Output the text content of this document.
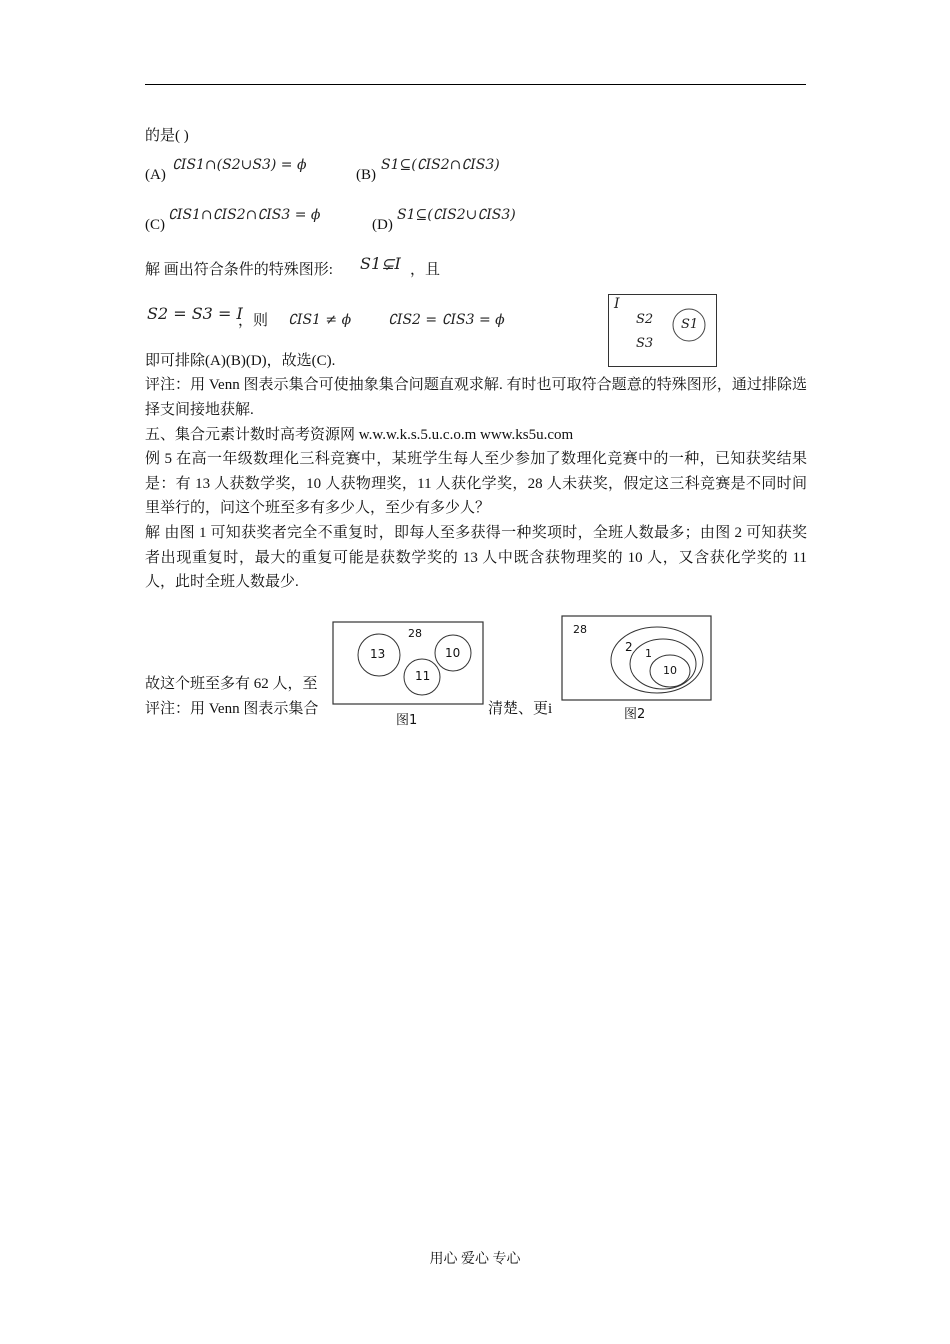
的是( )
(A)
∁IS1∩(S2∪S3) = ϕ
(B)
S1⊆(∁IS2∩∁IS3)
(C)
∁IS1∩∁IS2∩∁IS3 = ϕ
(D)
S1⊆(∁IS2∪∁IS3)
解 画出符合条件的特殊图形: S1⊊I ，且
S2 = S3 = I
，则 ∁IS1 ≠ ϕ	∁IS2 = ∁IS3 = ϕ
I
S2
S3
S1
即可排除(A)(B)(D)，故选(C).
评注：用 Venn 图表示集合可使抽象集合问题直观求解. 有时也可取符合题意的特殊图形，通过排除选择支间接地获解.
五、集合元素计数时高考资源网 w.w.w.k.s.5.u.c.o.m www.ks5u.com
例 5 在高一年级数理化三科竞赛中，某班学生每人至少参加了数理化竞赛中的一种，已知获奖结果是：有 13 人获数学奖，10 人获物理奖，11 人获化学奖，28 人未获奖，假定这三科竞赛是不同时间里举行的，问这个班至多有多少人，至少有多少人？
解 由图 1 可知获奖者完全不重复时，即每人至多获得一种奖项时，全班人数最多；由图 2 可知获奖者出现重复时，最大的重复可能是获数学奖的 13 人中既含获物理奖的 10 人，又含获化学奖的 11 人，此时全班人数最少.
故这个班至多有 62 人，至
评注：用 Venn 图表示集合	清楚、更i
28
13	10
11
图1
28
2 1
10
图2
用心 爱心 专心
